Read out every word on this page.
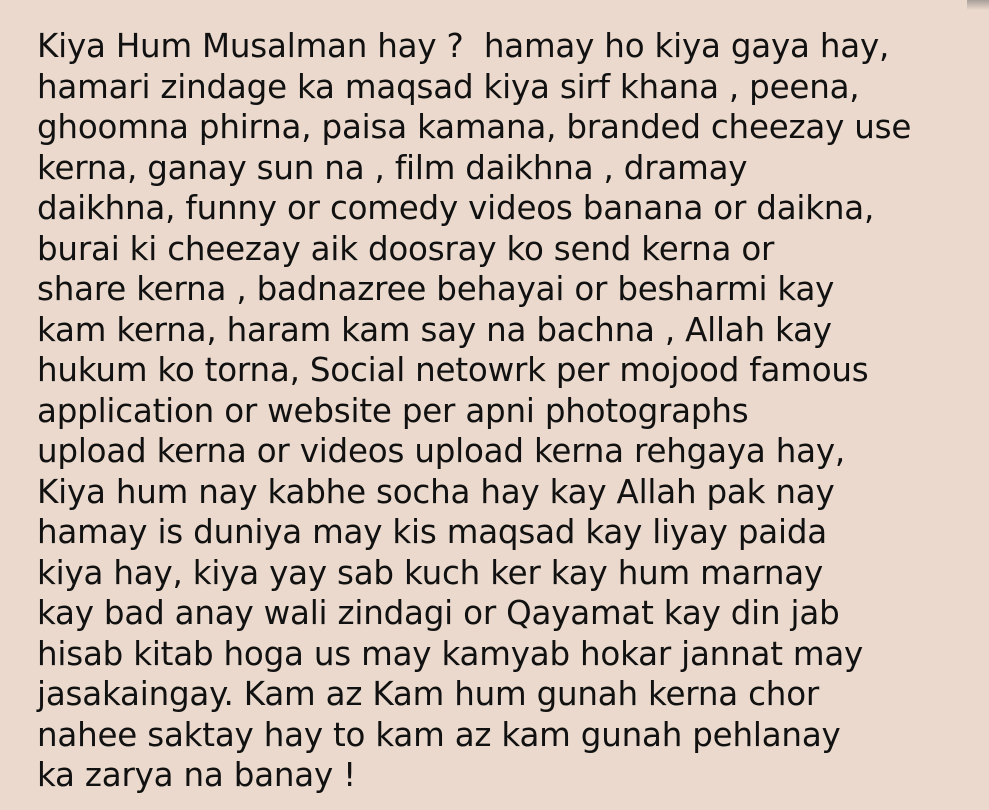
Kiya Hum Musalman hay ?  hamay ho kiya gaya hay,
hamari zindage ka maqsad kiya sirf khana , peena,
ghoomna phirna, paisa kamana, branded cheezay use
kerna, ganay sun na , film daikhna , dramay
daikhna, funny or comedy videos banana or daikna,
burai ki cheezay aik doosray ko send kerna or
share kerna , badnazree behayai or besharmi kay
kam kerna, haram kam say na bachna , Allah kay
hukum ko torna, Social netowrk per mojood famous
application or website per apni photographs
upload kerna or videos upload kerna rehgaya hay,
Kiya hum nay kabhe socha hay kay Allah pak nay
hamay is duniya may kis maqsad kay liyay paida
kiya hay, kiya yay sab kuch ker kay hum marnay
kay bad anay wali zindagi or Qayamat kay din jab
hisab kitab hoga us may kamyab hokar jannat may
jasakaingay. Kam az Kam hum gunah kerna chor
nahee saktay hay to kam az kam gunah pehlanay
ka zarya na banay !
